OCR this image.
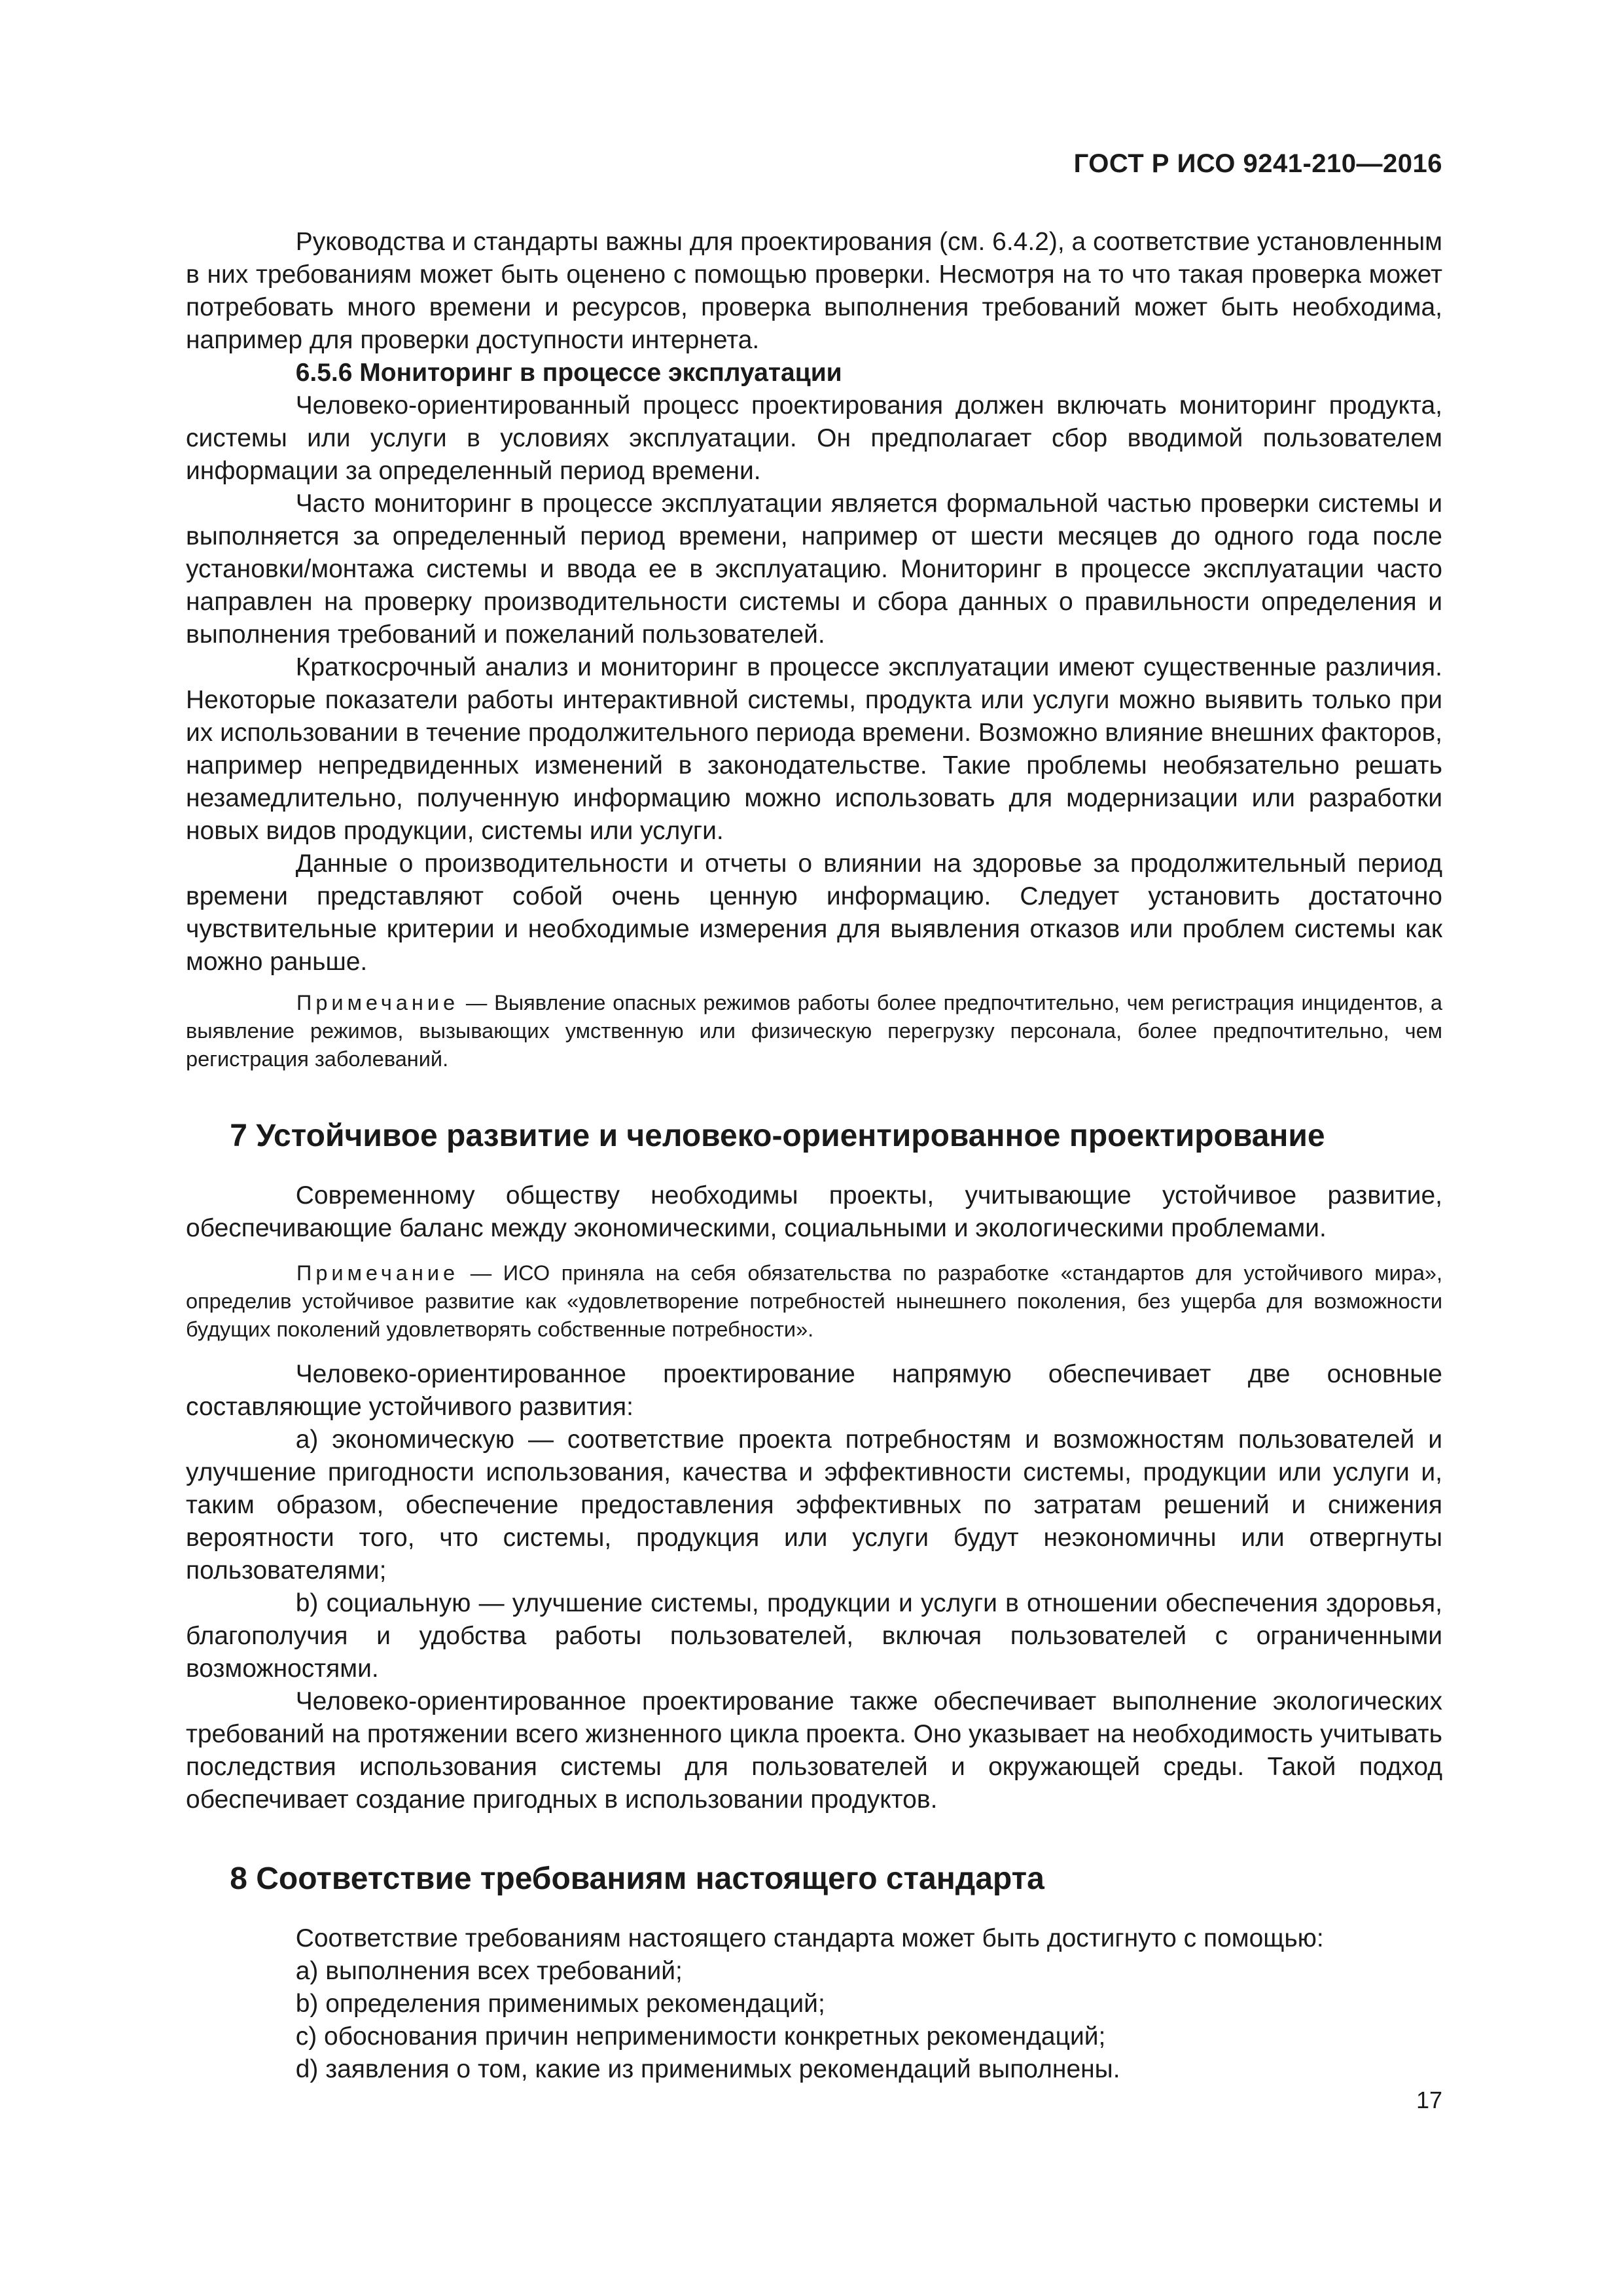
ГОСТ Р ИСО 9241-210—2016

Руководства и стандарты важны для проектирования (см. 6.4.2), а соответствие установленным в них требованиям может быть оценено с помощью проверки. Несмотря на то что такая проверка может потребовать много времени и ресурсов, проверка выполнения требований может быть необходима, например для проверки доступности интернета.

6.5.6 Мониторинг в процессе эксплуатации

Человеко-ориентированный процесс проектирования должен включать мониторинг продукта, системы или услуги в условиях эксплуатации. Он предполагает сбор вводимой пользователем информации за определенный период времени.

Часто мониторинг в процессе эксплуатации является формальной частью проверки системы и выполняется за определенный период времени, например от шести месяцев до одного года после установки/монтажа системы и ввода ее в эксплуатацию. Мониторинг в процессе эксплуатации часто направлен на проверку производительности системы и сбора данных о правильности определения и выполнения требований и пожеланий пользователей.

Краткосрочный анализ и мониторинг в процессе эксплуатации имеют существенные различия. Некоторые показатели работы интерактивной системы, продукта или услуги можно выявить только при их использовании в течение продолжительного периода времени. Возможно влияние внешних факторов, например непредвиденных изменений в законодательстве. Такие проблемы необязательно решать незамедлительно, полученную информацию можно использовать для модернизации или разработки новых видов продукции, системы или услуги.

Данные о производительности и отчеты о влиянии на здоровье за продолжительный период времени представляют собой очень ценную информацию. Следует установить достаточно чувствительные критерии и необходимые измерения для выявления отказов или проблем системы как можно раньше.

Примечание — Выявление опасных режимов работы более предпочтительно, чем регистрация инцидентов, а выявление режимов, вызывающих умственную или физическую перегрузку персонала, более предпочтительно, чем регистрация заболеваний.

7 Устойчивое развитие и человеко-ориентированное проектирование

Современному обществу необходимы проекты, учитывающие устойчивое развитие, обеспечивающие баланс между экономическими, социальными и экологическими проблемами.

Примечание — ИСО приняла на себя обязательства по разработке «стандартов для устойчивого мира», определив устойчивое развитие как «удовлетворение потребностей нынешнего поколения, без ущерба для возможности будущих поколений удовлетворять собственные потребности».

Человеко-ориентированное проектирование напрямую обеспечивает две основные составляющие устойчивого развития:

a) экономическую — соответствие проекта потребностям и возможностям пользователей и улучшение пригодности использования, качества и эффективности системы, продукции или услуги и, таким образом, обеспечение предоставления эффективных по затратам решений и снижения вероятности того, что системы, продукция или услуги будут неэкономичны или отвергнуты пользователями;

b) социальную — улучшение системы, продукции и услуги в отношении обеспечения здоровья, благополучия и удобства работы пользователей, включая пользователей с ограниченными возможностями.

Человеко-ориентированное проектирование также обеспечивает выполнение экологических требований на протяжении всего жизненного цикла проекта. Оно указывает на необходимость учитывать последствия использования системы для пользователей и окружающей среды. Такой подход обеспечивает создание пригодных в использовании продуктов.

8 Соответствие требованиям настоящего стандарта

Соответствие требованиям настоящего стандарта может быть достигнуто с помощью:

a) выполнения всех требований;

b) определения применимых рекомендаций;

c) обоснования причин неприменимости конкретных рекомендаций;

d) заявления о том, какие из применимых рекомендаций выполнены.

17
